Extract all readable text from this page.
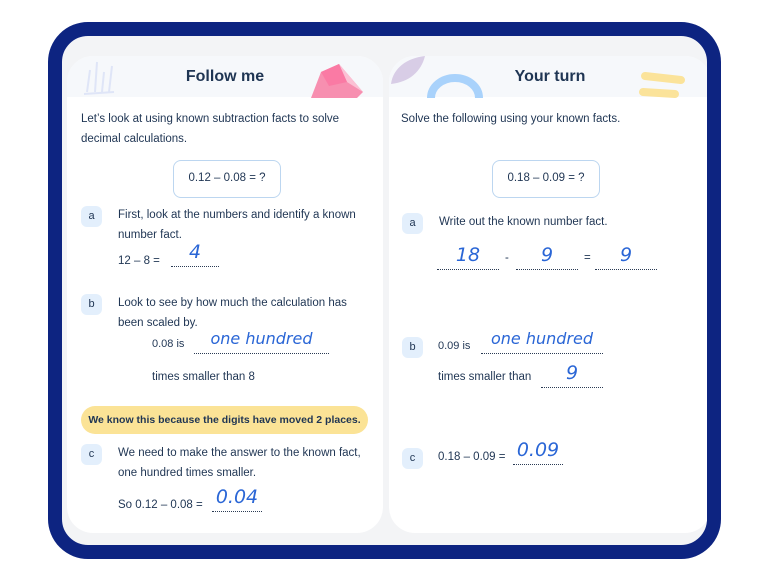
Follow me
Let’s look at using known subtraction facts to solve decimal calculations.
0.12 – 0.08 = ?
a	First, look at the numbers and identify a known number fact.
12 – 8 =	4
b	Look to see by how much the calculation has been scaled by.
0.08 is	one hundred
times smaller than 8
We know this because the digits have moved 2 places.
c	We need to make the answer to the known fact, one hundred times smaller.
So 0.12 – 0.08 = 0.04
Your turn
Solve the following using your known facts.
0.18 – 0.09 = ?
a	Write out the known number fact.
18	-	9	=	9
b	0.09 is	one hundred
times smaller than	9
c	0.18 – 0.09 = 0.09
